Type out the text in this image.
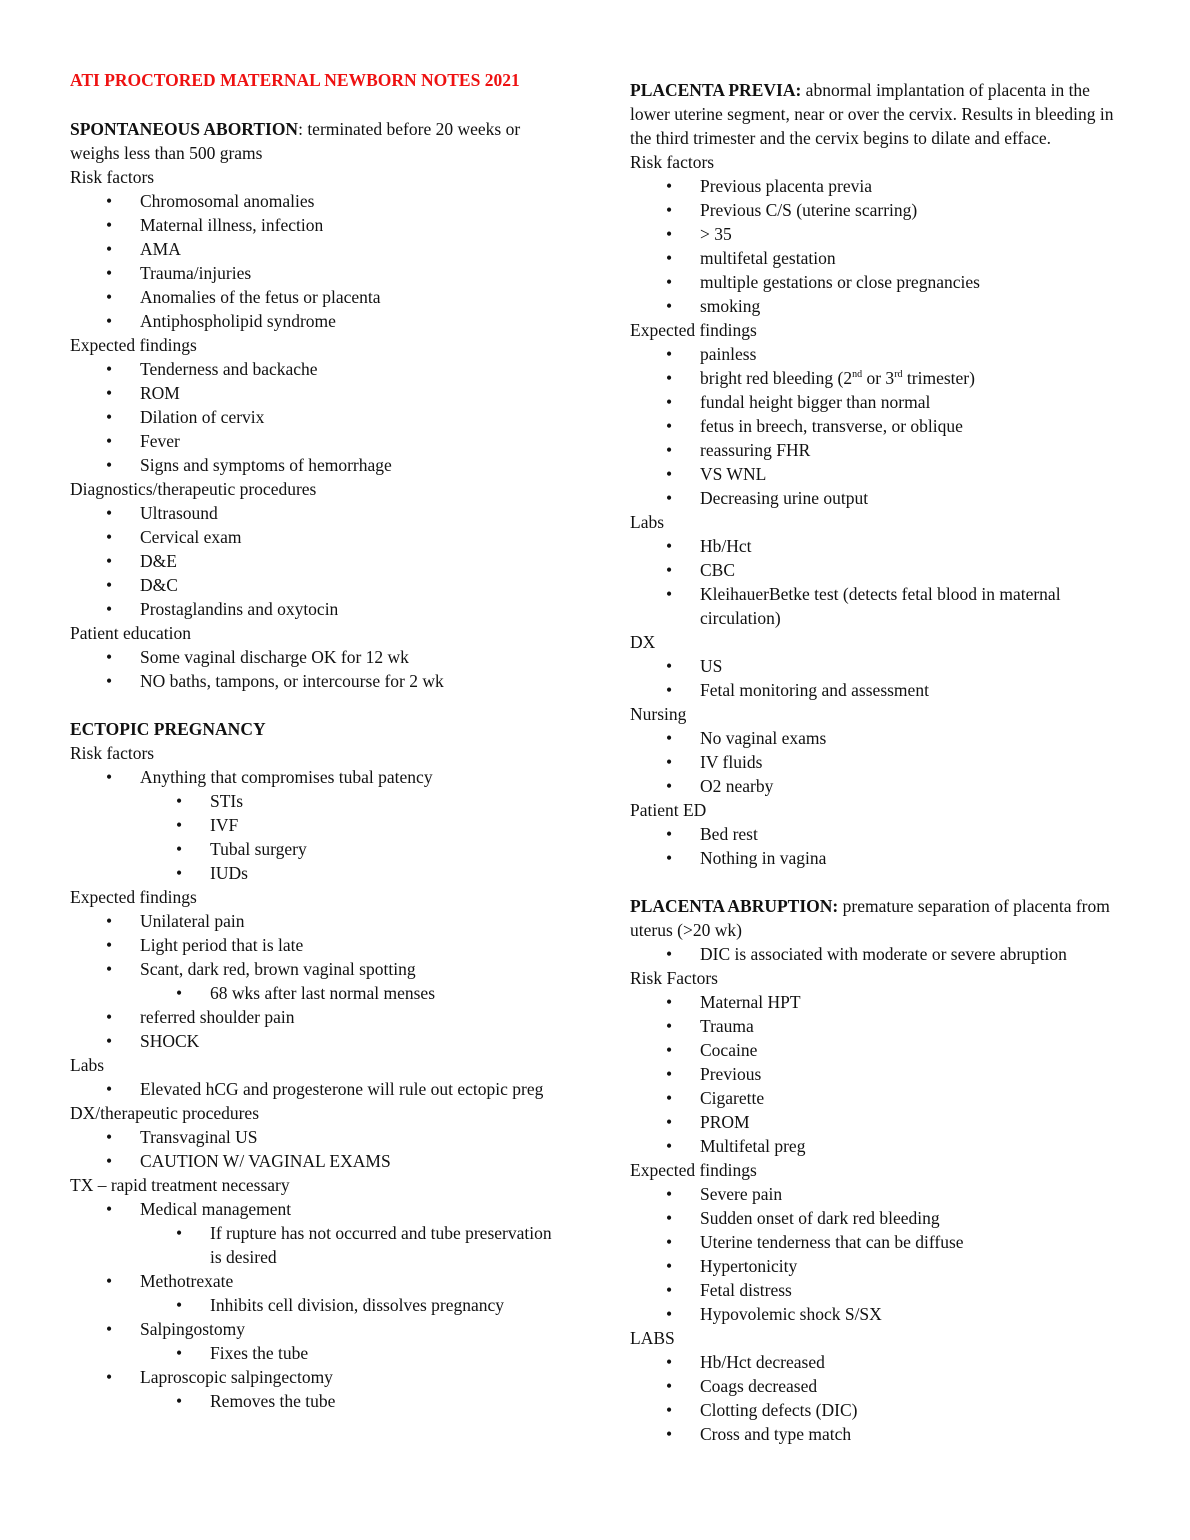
ATI PROCTORED MATERNAL NEWBORN NOTES 2021

SPONTANEOUS ABORTION: terminated before 20 weeks or weighs less than 500 grams

Risk factors

• Chromosomal anomalies
• Maternal illness, infection
• AMA
• Trauma/injuries
• Anomalies of the fetus or placenta
• Antiphospholipid syndrome

Expected findings

• Tenderness and backache
• ROM
• Dilation of cervix
• Fever
• Signs and symptoms of hemorrhage

Diagnostics/therapeutic procedures

• Ultrasound
• Cervical exam
• D&E
• D&C
• Prostaglandins and oxytocin

Patient education

• Some vaginal discharge OK for 12 wk
• NO baths, tampons, or intercourse for 2 wk

ECTOPIC PREGNANCY

Risk factors

• Anything that compromises tubal patency
• STIs
• IVF
• Tubal surgery
• IUDs

Expected findings

• Unilateral pain
• Light period that is late
• Scant, dark red, brown vaginal spotting
• 68 wks after last normal menses
• referred shoulder pain
• SHOCK

Labs

• Elevated hCG and progesterone will rule out ectopic preg

DX/therapeutic procedures

• Transvaginal US
• CAUTION W/ VAGINAL EXAMS

TX – rapid treatment necessary

• Medical management
• If rupture has not occurred and tube preservation is desired
• Methotrexate
• Inhibits cell division, dissolves pregnancy
• Salpingostomy
• Fixes the tube
• Laproscopic salpingectomy
• Removes the tube

PLACENTA PREVIA: abnormal implantation of placenta in the lower uterine segment, near or over the cervix. Results in bleeding in the third trimester and the cervix begins to dilate and efface.

Risk factors

• Previous placenta previa
• Previous C/S (uterine scarring)
• > 35
• multifetal gestation
• multiple gestations or close pregnancies
• smoking

Expected findings

• painless
• bright red bleeding (2nd or 3rd trimester)
• fundal height bigger than normal
• fetus in breech, transverse, or oblique
• reassuring FHR
• VS WNL
• Decreasing urine output

Labs

• Hb/Hct
• CBC
• KleihauerBetke test (detects fetal blood in maternal circulation)

DX

• US
• Fetal monitoring and assessment

Nursing

• No vaginal exams
• IV fluids
• O2 nearby

Patient ED

• Bed rest
• Nothing in vagina

PLACENTA ABRUPTION: premature separation of placenta from uterus (>20 wk)

• DIC is associated with moderate or severe abruption

Risk Factors

• Maternal HPT
• Trauma
• Cocaine
• Previous
• Cigarette
• PROM
• Multifetal preg

Expected findings

• Severe pain
• Sudden onset of dark red bleeding
• Uterine tenderness that can be diffuse
• Hypertonicity
• Fetal distress
• Hypovolemic shock S/SX

LABS

• Hb/Hct decreased
• Coags decreased
• Clotting defects (DIC)
• Cross and type match
